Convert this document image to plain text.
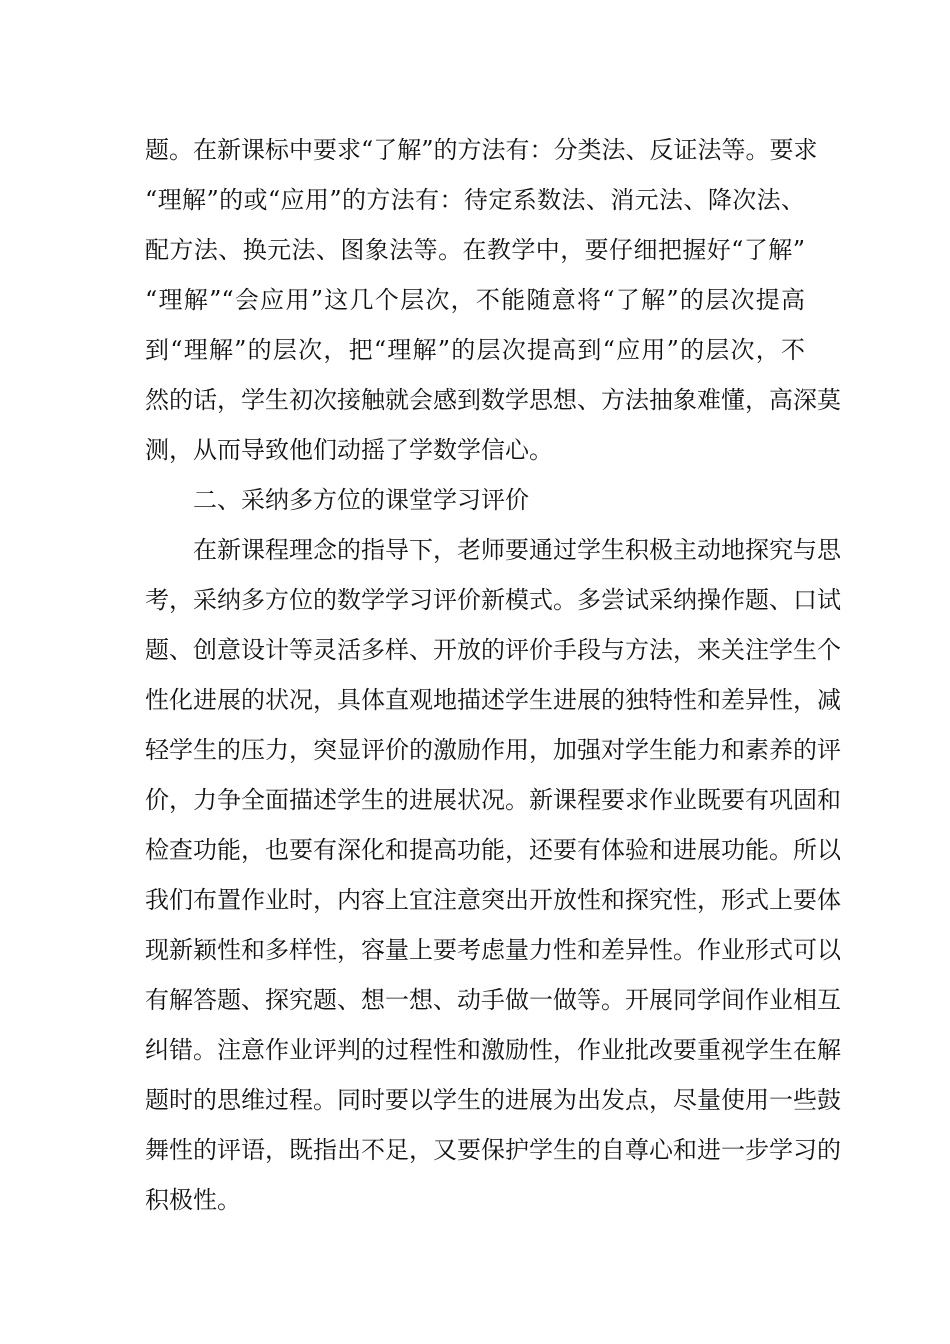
题。在新课标中要求“了解”的方法有：分类法、反证法等。要求
“理解”的或“应用”的方法有：待定系数法、消元法、降次法、
配方法、换元法、图象法等。在教学中，要仔细把握好“了解”
“理解”“会应用”这几个层次，不能随意将“了解”的层次提高
到“理解”的层次，把“理解”的层次提高到“应用”的层次，不
然的话，学生初次接触就会感到数学思想、方法抽象难懂，高深莫
测，从而导致他们动摇了学数学信心。
二、采纳多方位的课堂学习评价
在新课程理念的指导下，老师要通过学生积极主动地探究与思
考，采纳多方位的数学学习评价新模式。多尝试采纳操作题、口试
题、创意设计等灵活多样、开放的评价手段与方法，来关注学生个
性化进展的状况，具体直观地描述学生进展的独特性和差异性，减
轻学生的压力，突显评价的激励作用，加强对学生能力和素养的评
价，力争全面描述学生的进展状况。新课程要求作业既要有巩固和
检查功能，也要有深化和提高功能，还要有体验和进展功能。所以
我们布置作业时，内容上宜注意突出开放性和探究性，形式上要体
现新颖性和多样性，容量上要考虑量力性和差异性。作业形式可以
有解答题、探究题、想一想、动手做一做等。开展同学间作业相互
纠错。注意作业评判的过程性和激励性，作业批改要重视学生在解
题时的思维过程。同时要以学生的进展为出发点，尽量使用一些鼓
舞性的评语，既指出不足，又要保护学生的自尊心和进一步学习的
积极性。
